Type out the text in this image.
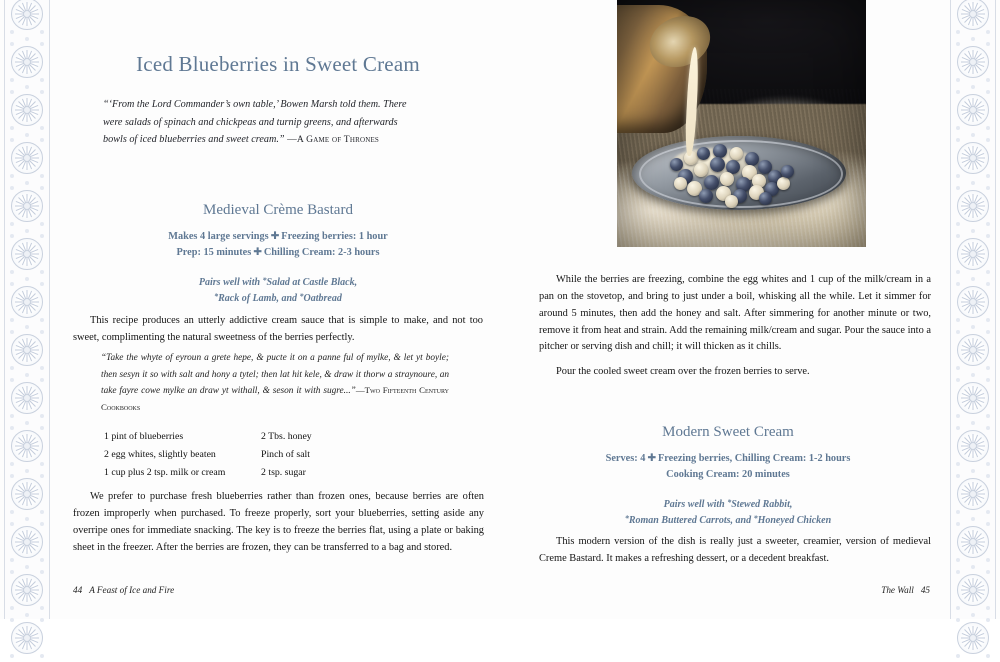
Iced Blueberries in Sweet Cream
“‘From the Lord Commander’s own table,’ Bowen Marsh told them. There were salads of spinach and chickpeas and turnip greens, and afterwards bowls of iced blueberries and sweet cream.” —A Game of Thrones
Medieval Crème Bastard
Makes 4 large servings ✚ Freezing berries: 1 hour
Prep: 15 minutes ✚ Chilling Cream: 2-3 hours
Pairs well with *Salad at Castle Black,
*Rack of Lamb, and *Oatbread

This recipe produces an utterly addictive cream sauce that is simple to make, and not too sweet, complimenting the natural sweetness of the berries perfectly.

“Take the whyte of eyroun a grete hepe, & pucte it on a panne ful of mylke, & let yt boyle; then sesyn it so with salt and hony a tytel; then lat hit kele, & draw it thorw a straynoure, an take fayre cowe mylke an draw yt withall, & seson it with sugre...”—Two Fifteenth Century Cookbooks
1 pint of blueberries
2 egg whites, slightly beaten
1 cup plus 2 tsp. milk or cream
2 Tbs. honey
Pinch of salt
2 tsp. sugar

We prefer to purchase fresh blueberries rather than frozen ones, because berries are often frozen improperly when purchased. To freeze properly, sort your blueberries, setting aside any overripe ones for immediate snacking. The key is to freeze the berries flat, using a plate or baking sheet in the freezer. After the berries are frozen, they can be transferred to a bag and stored.

44 A Feast of Ice and Fire

While the berries are freezing, combine the egg whites and 1 cup of the milk/cream in a pan on the stovetop, and bring to just under a boil, whisking all the while. Let it simmer for around 5 minutes, then add the honey and salt. After simmering for another minute or two, remove it from heat and strain. Add the remaining milk/cream and sugar. Pour the sauce into a pitcher or serving dish and chill; it will thicken as it chills.

Pour the cooled sweet cream over the frozen berries to serve.

Modern Sweet Cream
Serves: 4 ✚ Freezing berries, Chilling Cream: 1-2 hours
Cooking Cream: 20 minutes
Pairs well with *Stewed Rabbit,
*Roman Buttered Carrots, and *Honeyed Chicken

This modern version of the dish is really just a sweeter, creamier, version of medieval Creme Bastard. It makes a refreshing dessert, or a decedent breakfast.

The Wall 45
